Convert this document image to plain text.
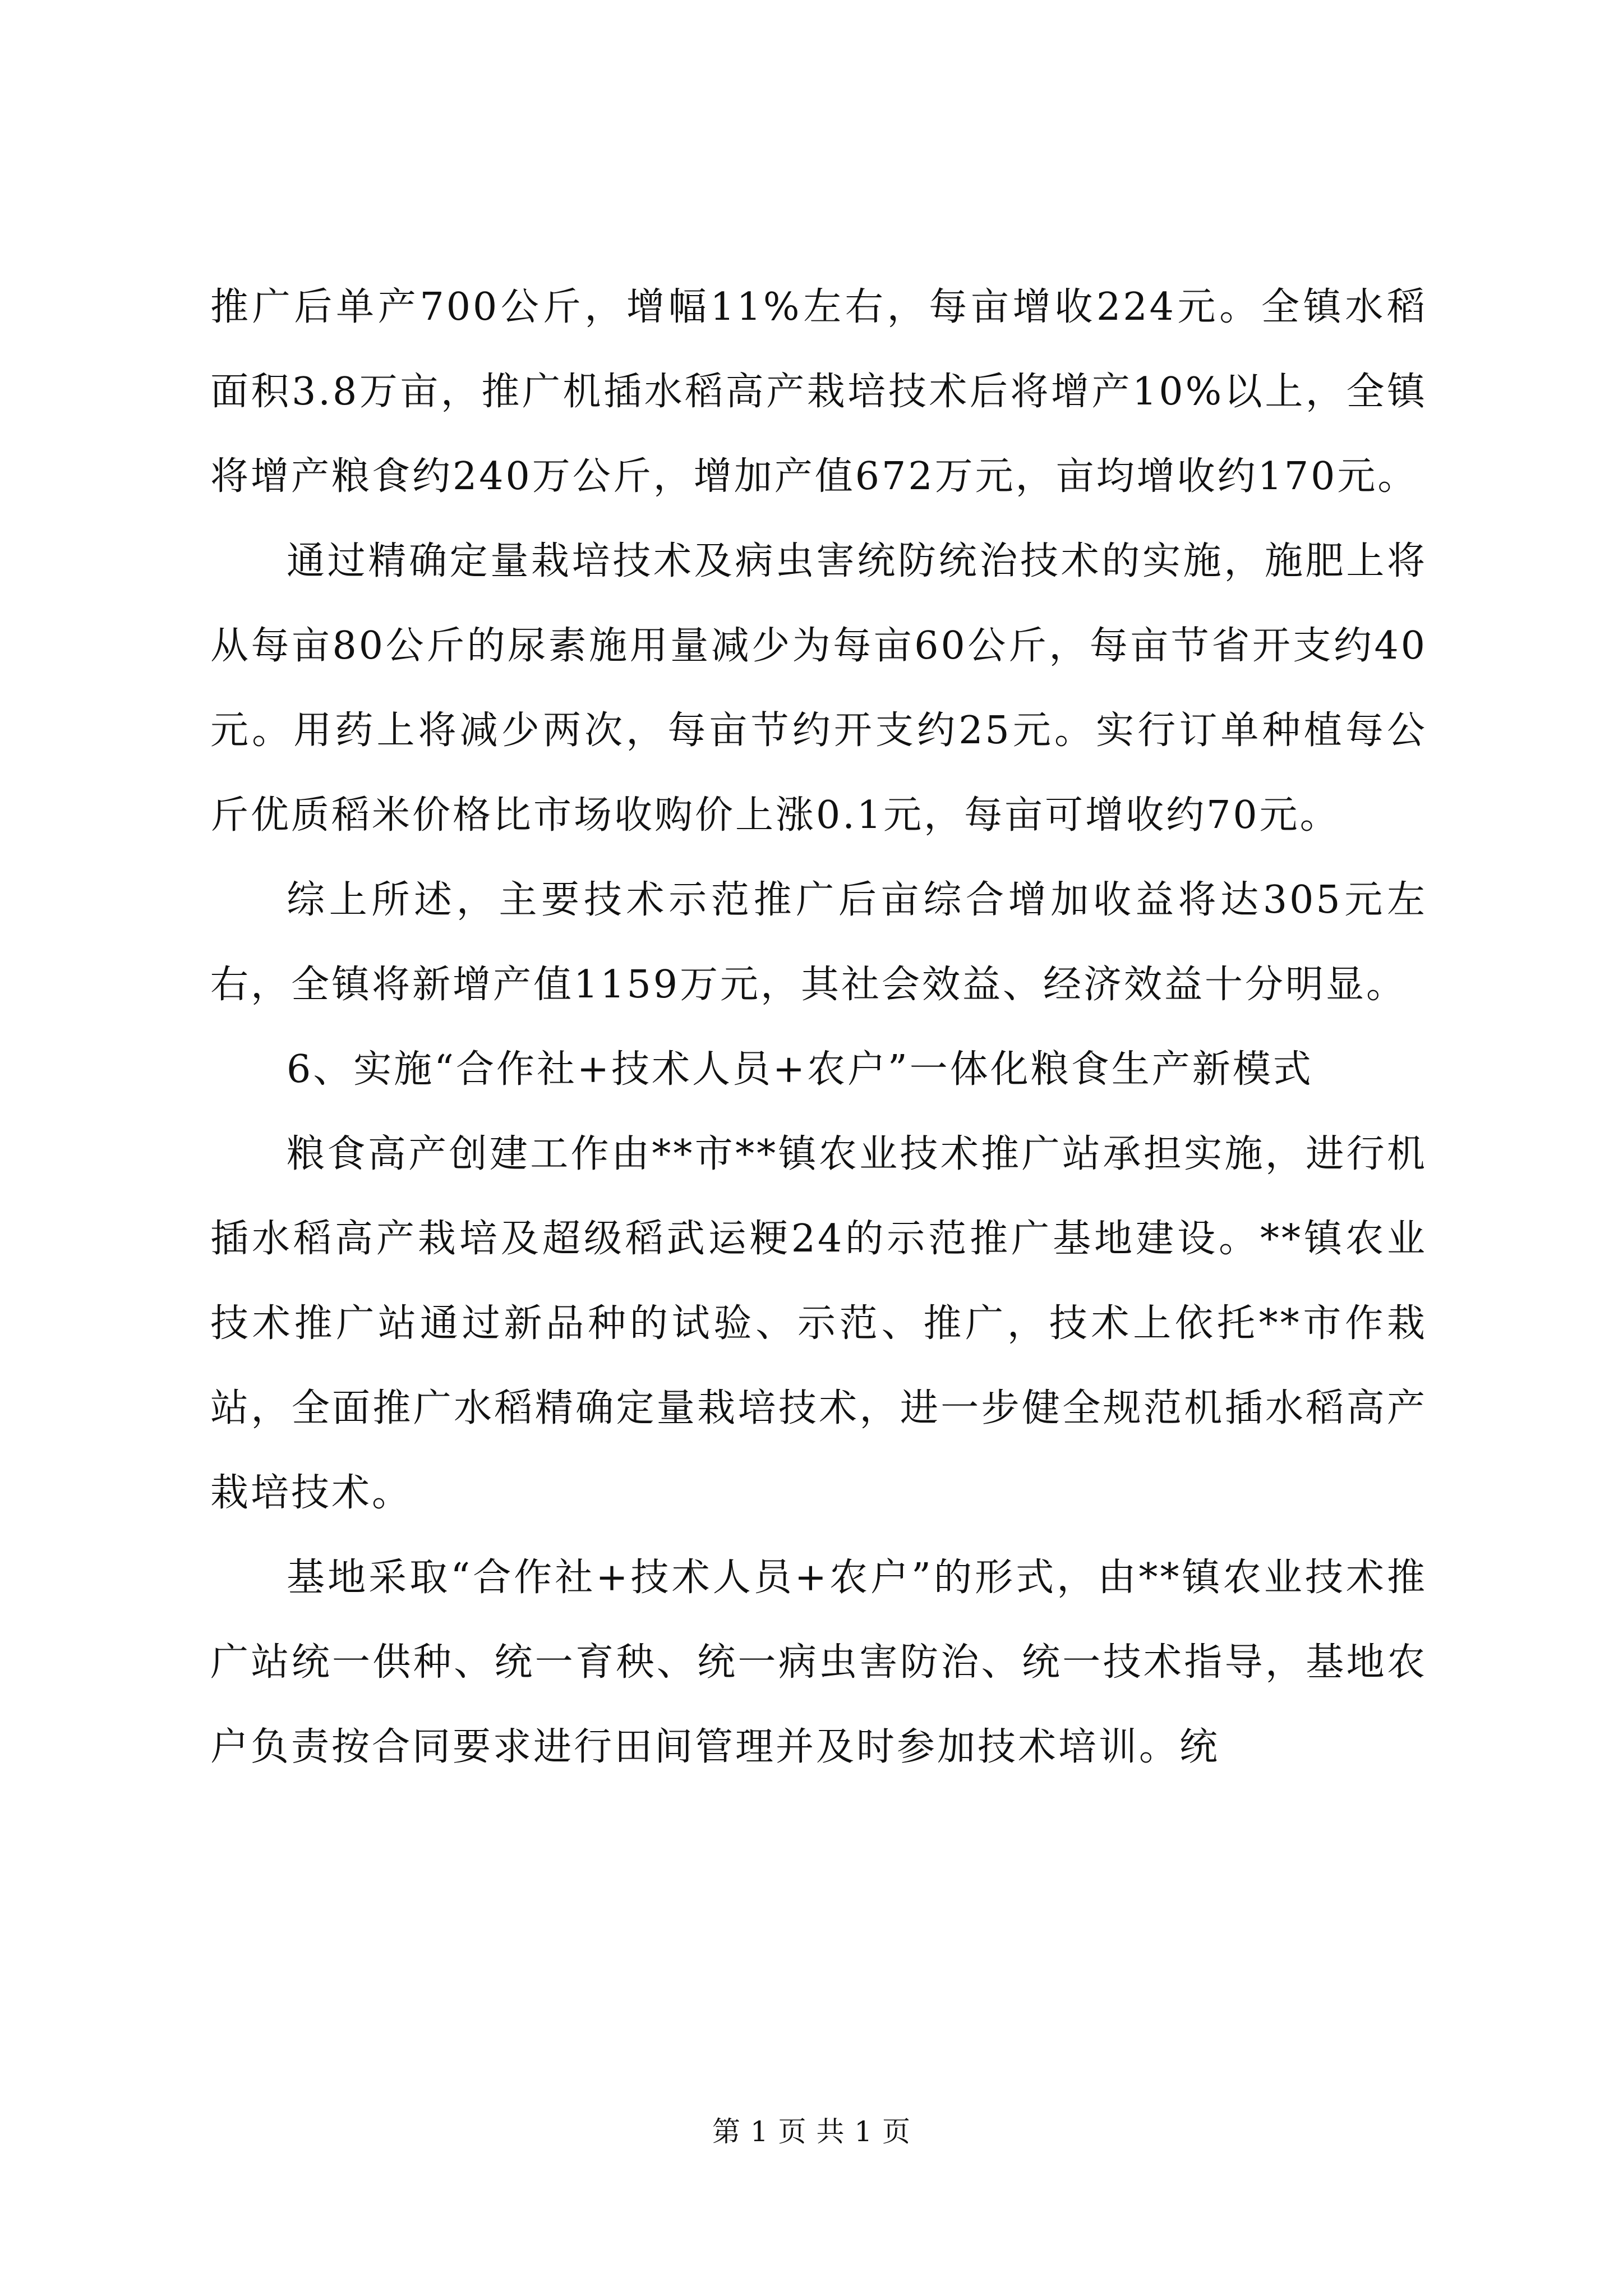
推广后单产700公斤，增幅11%左右，每亩增收224元。全镇水稻面积3.8万亩，推广机插水稻高产栽培技术后将增产10%以上，全镇将增产粮食约240万公斤，增加产值672万元，亩均增收约170元。

通过精确定量栽培技术及病虫害统防统治技术的实施，施肥上将从每亩80公斤的尿素施用量减少为每亩60公斤，每亩节省开支约40元。用药上将减少两次，每亩节约开支约25元。实行订单种植每公斤优质稻米价格比市场收购价上涨0.1元，每亩可增收约70元。

综上所述，主要技术示范推广后亩综合增加收益将达305元左右，全镇将新增产值1159万元，其社会效益、经济效益十分明显。

6、实施“合作社+技术人员+农户”一体化粮食生产新模式

粮食高产创建工作由**市**镇农业技术推广站承担实施，进行机插水稻高产栽培及超级稻武运粳24的示范推广基地建设。**镇农业技术推广站通过新品种的试验、示范、推广，技术上依托**市作栽站，全面推广水稻精确定量栽培技术，进一步健全规范机插水稻高产栽培技术。

基地采取“合作社+技术人员+农户”的形式，由**镇农业技术推广站统一供种、统一育秧、统一病虫害防治、统一技术指导，基地农户负责按合同要求进行田间管理并及时参加技术培训。统

第 1 页 共 1 页
